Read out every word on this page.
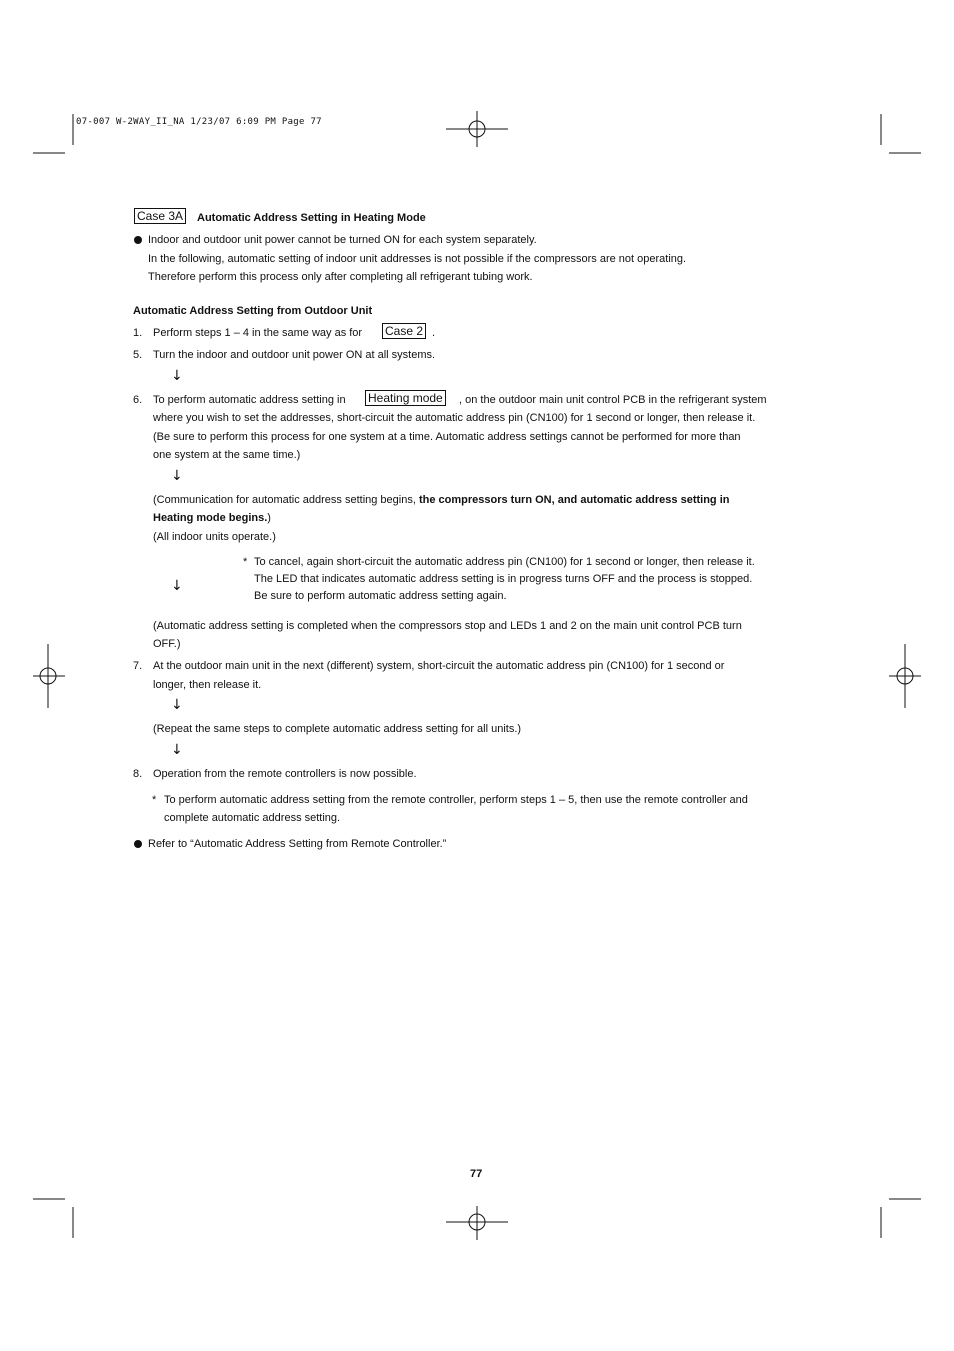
07-007 W-2WAY_II_NA 1/23/07 6:09 PM Page 77
Case 3A Automatic Address Setting in Heating Mode
Indoor and outdoor unit power cannot be turned ON for each system separately.
In the following, automatic setting of indoor unit addresses is not possible if the compressors are not operating.
Therefore perform this process only after completing all refrigerant tubing work.
Automatic Address Setting from Outdoor Unit
1. Perform steps 1 – 4 in the same way as for Case 2 .
5. Turn the indoor and outdoor unit power ON at all systems.
↓
6. To perform automatic address setting in Heating mode , on the outdoor main unit control PCB in the refrigerant system
where you wish to set the addresses, short-circuit the automatic address pin (CN100) for 1 second or longer, then release it.
(Be sure to perform this process for one system at a time. Automatic address settings cannot be performed for more than
one system at the same time.)
↓
(Communication for automatic address setting begins, the compressors turn ON, and automatic address setting in
Heating mode begins.)
(All indoor units operate.)
↓
* To cancel, again short-circuit the automatic address pin (CN100) for 1 second or longer, then release it.
The LED that indicates automatic address setting is in progress turns OFF and the process is stopped.
Be sure to perform automatic address setting again.
(Automatic address setting is completed when the compressors stop and LEDs 1 and 2 on the main unit control PCB turn
OFF.)
7. At the outdoor main unit in the next (different) system, short-circuit the automatic address pin (CN100) for 1 second or
longer, then release it.
↓
(Repeat the same steps to complete automatic address setting for all units.)
↓
8. Operation from the remote controllers is now possible.
* To perform automatic address setting from the remote controller, perform steps 1 – 5, then use the remote controller and
complete automatic address setting.
Refer to “Automatic Address Setting from Remote Controller.”
77
